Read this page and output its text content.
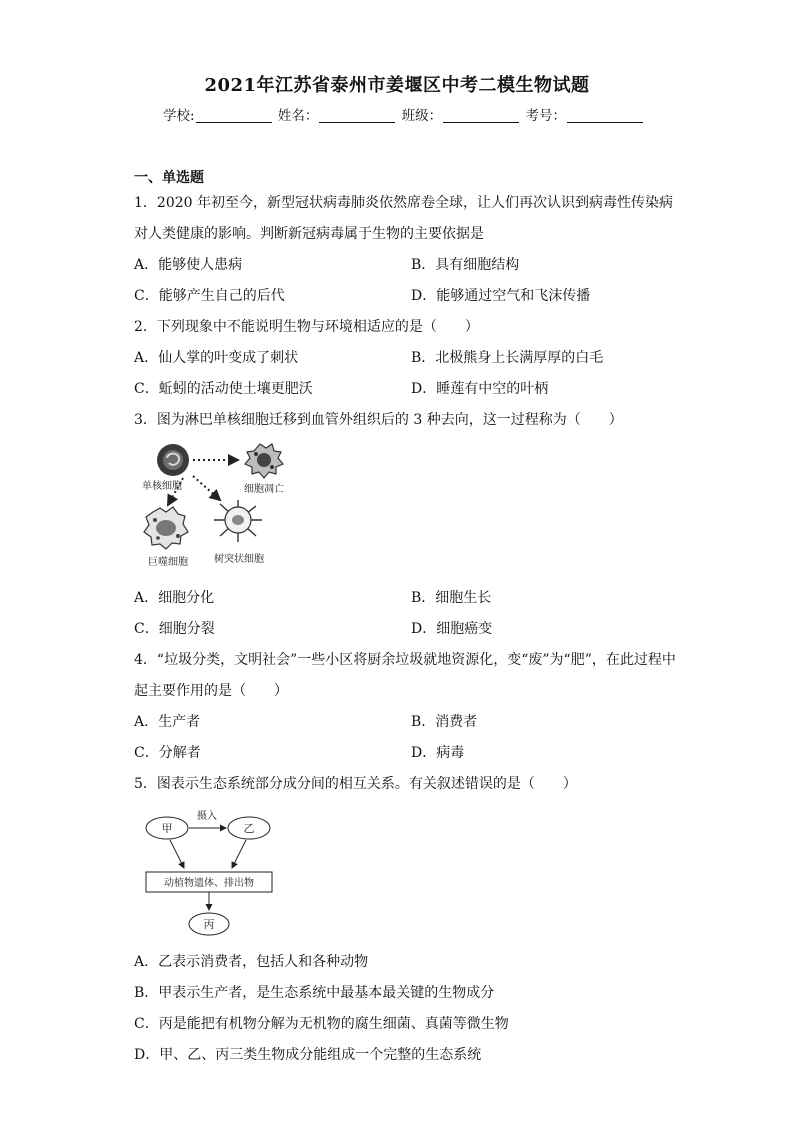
2021年江苏省泰州市姜堰区中考二模生物试题
学校:	姓名：	班级：	考号：
一、单选题
1．2020 年初至今，新型冠状病毒肺炎依然席卷全球，让人们再次认识到病毒性传染病
对人类健康的影响。判断新冠病毒属于生物的主要依据是
A．能够使人患病	B．具有细胞结构
C．能够产生自己的后代	D．能够通过空气和飞沫传播
2．下列现象中不能说明生物与环境相适应的是（　　）
A．仙人掌的叶变成了刺状	B．北极熊身上长满厚厚的白毛
C．蚯蚓的活动使土壤更肥沃	D．睡莲有中空的叶柄
3．图为淋巴单核细胞迁移到血管外组织后的 3 种去向，这一过程称为（　　）
单核细胞	细胞凋亡
巨噬细胞	树突状细胞
A．细胞分化	B．细胞生长
C．细胞分裂	D．细胞癌变
4．“垃圾分类，文明社会”一些小区将厨余垃圾就地资源化，变“废”为“肥”，在此过程中
起主要作用的是（　　）
A．生产者	B．消费者
C．分解者	D．病毒
5．图表示生态系统部分成分间的相互关系。有关叙述错误的是（　　）
甲	乙
摄入
动植物遗体、排出物
丙
A．乙表示消费者，包括人和各种动物
B．甲表示生产者，是生态系统中最基本最关键的生物成分
C．丙是能把有机物分解为无机物的腐生细菌、真菌等微生物
D．甲、乙、丙三类生物成分能组成一个完整的生态系统
